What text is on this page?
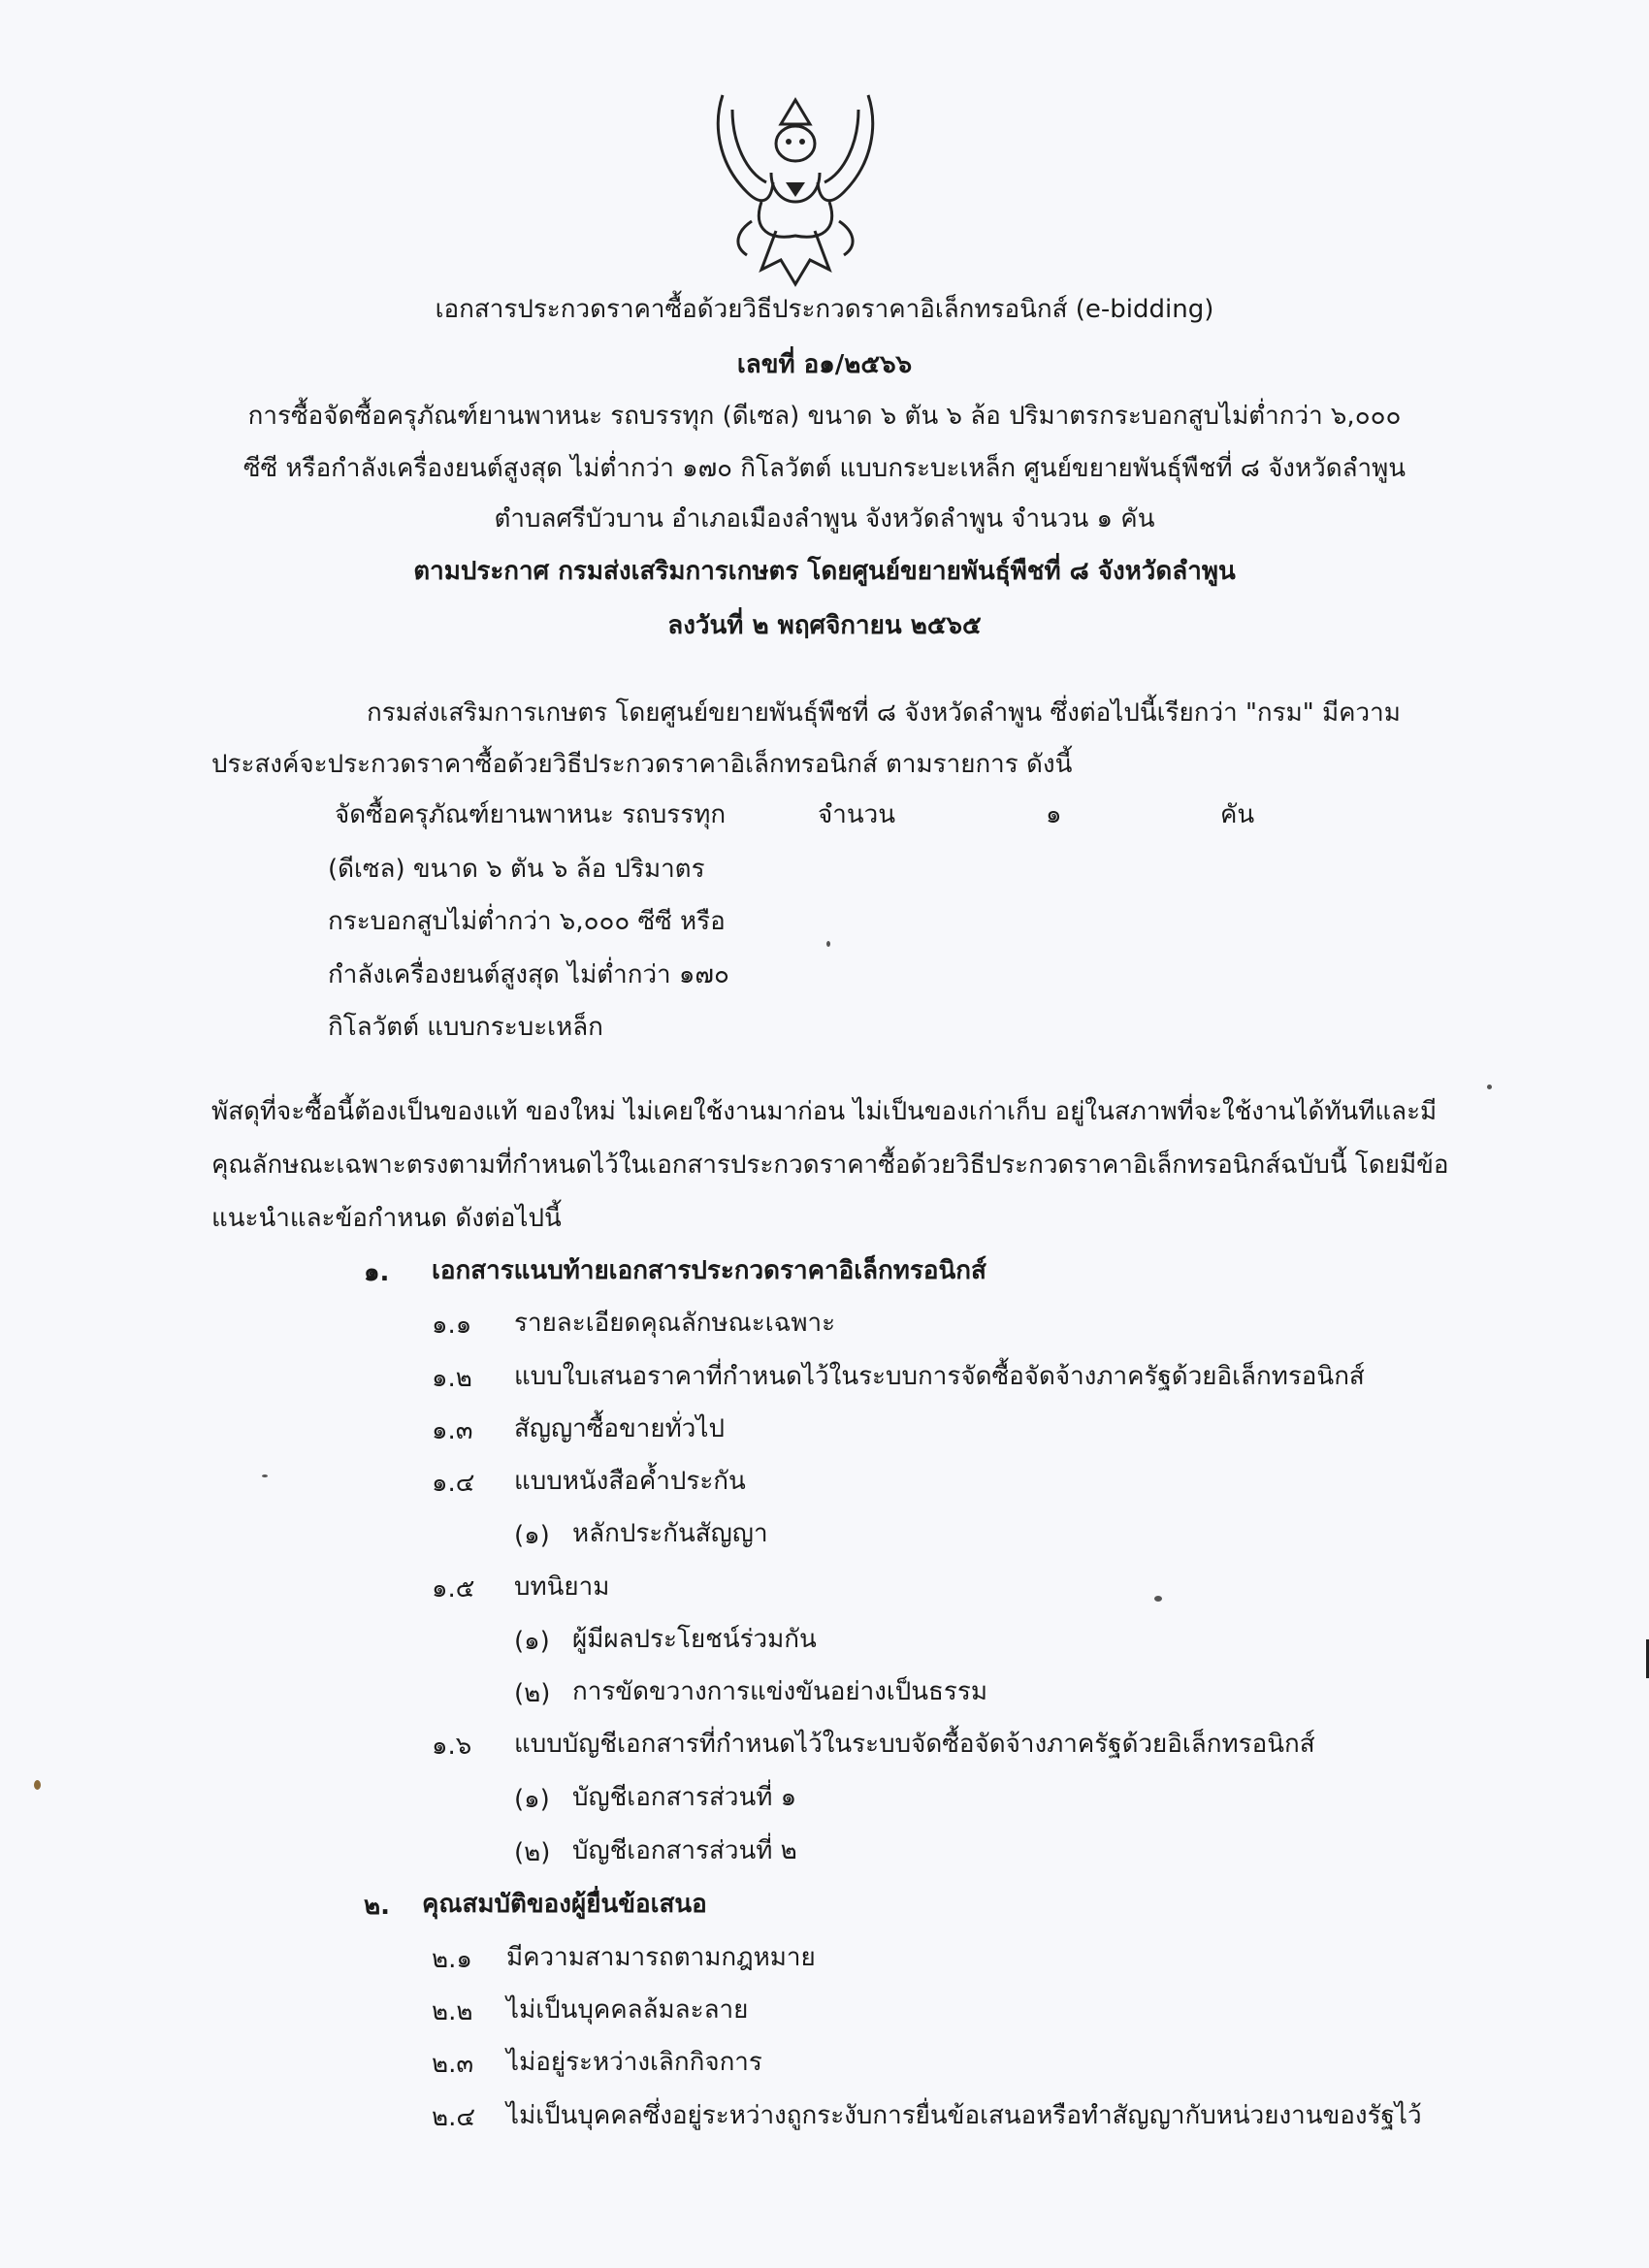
เอกสารประกวดราคาซื้อด้วยวิธีประกวดราคาอิเล็กทรอนิกส์ (e-bidding)
เลขที่ อ๑/๒๕๖๖
การซื้อจัดซื้อครุภัณฑ์ยานพาหนะ รถบรรทุก (ดีเซล) ขนาด ๖ ตัน ๖ ล้อ ปริมาตรกระบอกสูบไม่ต่ำกว่า ๖,๐๐๐
ซีซี หรือกำลังเครื่องยนต์สูงสุด ไม่ต่ำกว่า ๑๗๐ กิโลวัตต์ แบบกระบะเหล็ก ศูนย์ขยายพันธุ์พืชที่ ๘ จังหวัดลำพูน
ตำบลศรีบัวบาน อำเภอเมืองลำพูน จังหวัดลำพูน จำนวน ๑ คัน
ตามประกาศ กรมส่งเสริมการเกษตร โดยศูนย์ขยายพันธุ์พืชที่ ๘ จังหวัดลำพูน
ลงวันที่ ๒ พฤศจิกายน ๒๕๖๕
กรมส่งเสริมการเกษตร โดยศูนย์ขยายพันธุ์พืชที่ ๘ จังหวัดลำพูน ซึ่งต่อไปนี้เรียกว่า "กรม" มีความ
ประสงค์จะประกวดราคาซื้อด้วยวิธีประกวดราคาอิเล็กทรอนิกส์ ตามรายการ ดังนี้
จัดซื้อครุภัณฑ์ยานพาหนะ รถบรรทุก	จำนวน	๑	คัน
(ดีเซล) ขนาด ๖ ตัน ๖ ล้อ ปริมาตร
กระบอกสูบไม่ต่ำกว่า ๖,๐๐๐ ซีซี หรือ
กำลังเครื่องยนต์สูงสุด ไม่ต่ำกว่า ๑๗๐
กิโลวัตต์ แบบกระบะเหล็ก
พัสดุที่จะซื้อนี้ต้องเป็นของแท้ ของใหม่ ไม่เคยใช้งานมาก่อน ไม่เป็นของเก่าเก็บ อยู่ในสภาพที่จะใช้งานได้ทันทีและมี
คุณลักษณะเฉพาะตรงตามที่กำหนดไว้ในเอกสารประกวดราคาซื้อด้วยวิธีประกวดราคาอิเล็กทรอนิกส์ฉบับนี้ โดยมีข้อ
แนะนำและข้อกำหนด ดังต่อไปนี้
๑. เอกสารแนบท้ายเอกสารประกวดราคาอิเล็กทรอนิกส์
๑.๑ รายละเอียดคุณลักษณะเฉพาะ
๑.๒ แบบใบเสนอราคาที่กำหนดไว้ในระบบการจัดซื้อจัดจ้างภาครัฐด้วยอิเล็กทรอนิกส์
๑.๓ สัญญาซื้อขายทั่วไป
๑.๔ แบบหนังสือค้ำประกัน
(๑) หลักประกันสัญญา
๑.๕ บทนิยาม
(๑) ผู้มีผลประโยชน์ร่วมกัน
(๒) การขัดขวางการแข่งขันอย่างเป็นธรรม
๑.๖ แบบบัญชีเอกสารที่กำหนดไว้ในระบบจัดซื้อจัดจ้างภาครัฐด้วยอิเล็กทรอนิกส์
(๑) บัญชีเอกสารส่วนที่ ๑
(๒) บัญชีเอกสารส่วนที่ ๒
๒. คุณสมบัติของผู้ยื่นข้อเสนอ
๒.๑ มีความสามารถตามกฎหมาย
๒.๒ ไม่เป็นบุคคลล้มละลาย
๒.๓ ไม่อยู่ระหว่างเลิกกิจการ
๒.๔ ไม่เป็นบุคคลซึ่งอยู่ระหว่างถูกระงับการยื่นข้อเสนอหรือทำสัญญากับหน่วยงานของรัฐไว้
